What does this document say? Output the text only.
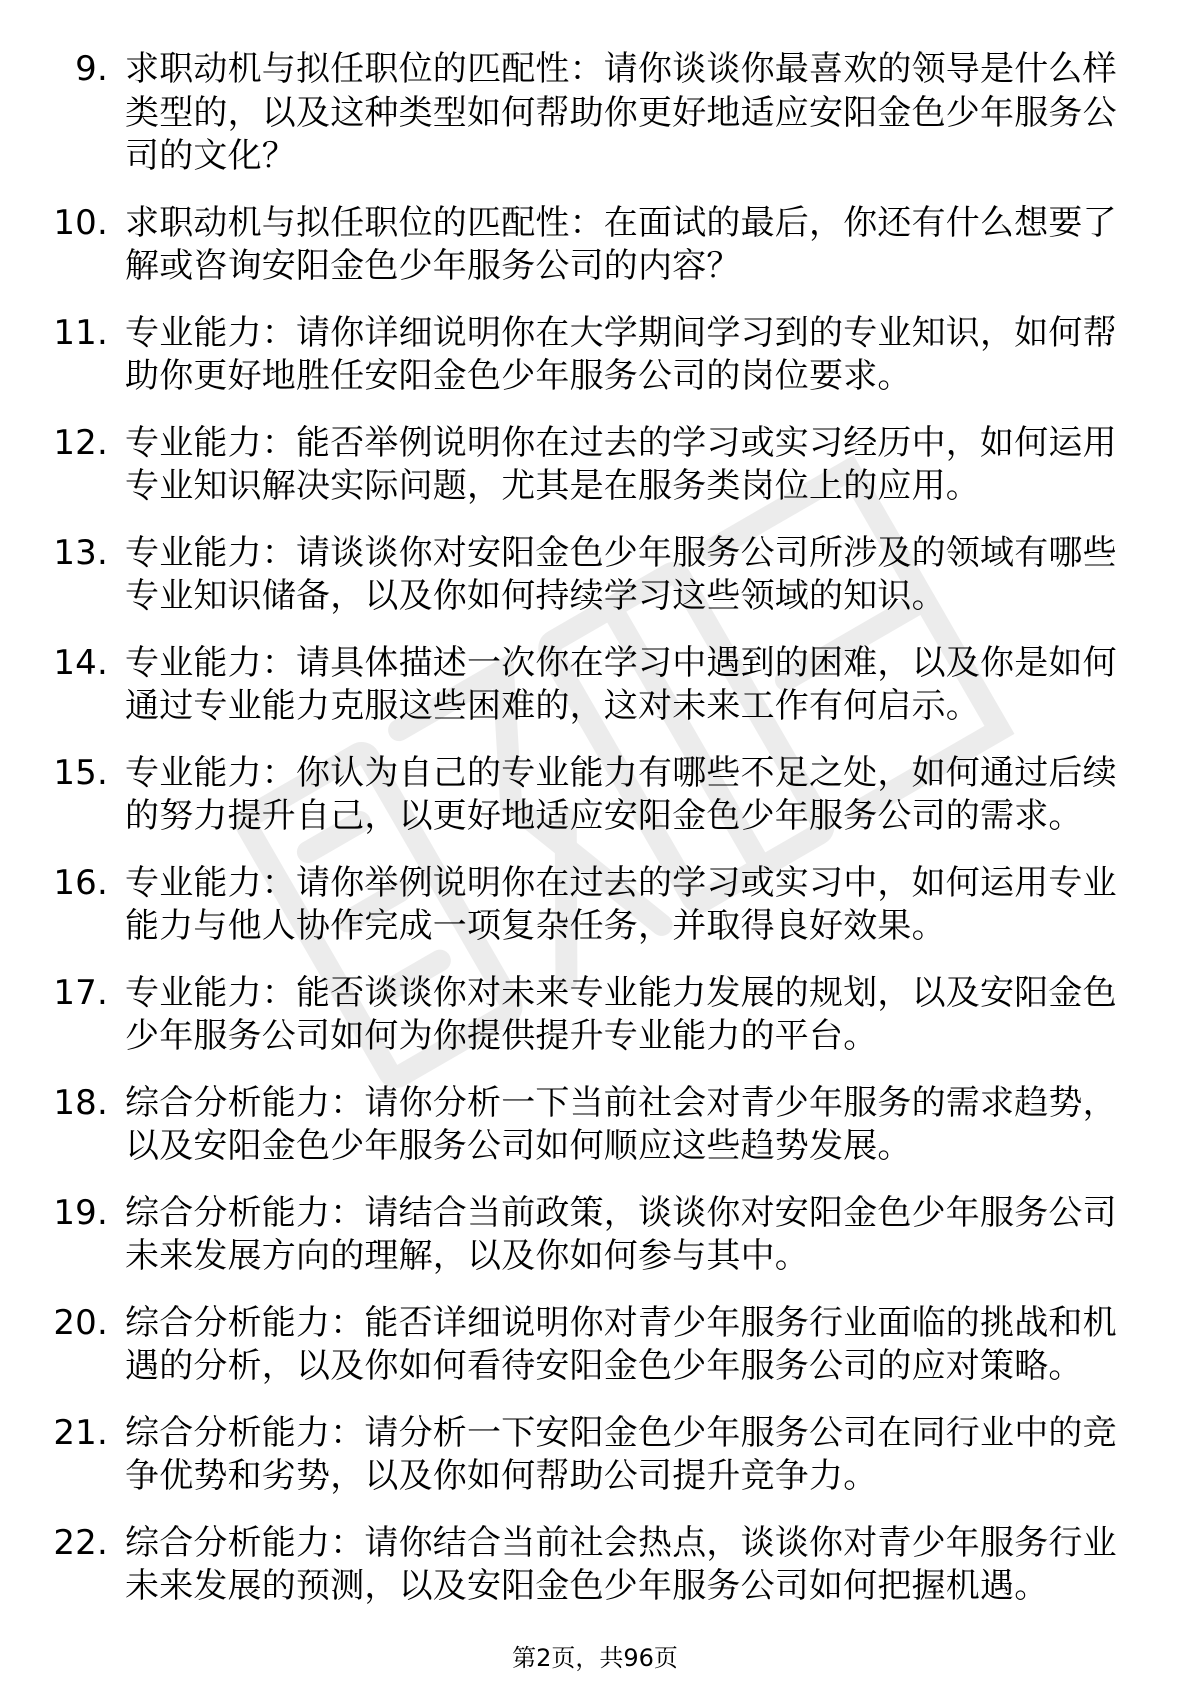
9. 求职动机与拟任职位的匹配性：请你谈谈你最喜欢的领导是什么样类型的，以及这种类型如何帮助你更好地适应安阳金色少年服务公司的文化？
10. 求职动机与拟任职位的匹配性：在面试的最后，你还有什么想要了解或咨询安阳金色少年服务公司的内容？
11. 专业能力：请你详细说明你在大学期间学习到的专业知识，如何帮助你更好地胜任安阳金色少年服务公司的岗位要求。
12. 专业能力：能否举例说明你在过去的学习或实习经历中，如何运用专业知识解决实际问题，尤其是在服务类岗位上的应用。
13. 专业能力：请谈谈你对安阳金色少年服务公司所涉及的领域有哪些专业知识储备，以及你如何持续学习这些领域的知识。
14. 专业能力：请具体描述一次你在学习中遇到的困难，以及你是如何通过专业能力克服这些困难的，这对未来工作有何启示。
15. 专业能力：你认为自己的专业能力有哪些不足之处，如何通过后续的努力提升自己，以更好地适应安阳金色少年服务公司的需求。
16. 专业能力：请你举例说明你在过去的学习或实习中，如何运用专业能力与他人协作完成一项复杂任务，并取得良好效果。
17. 专业能力：能否谈谈你对未来专业能力发展的规划，以及安阳金色少年服务公司如何为你提供提升专业能力的平台。
18. 综合分析能力：请你分析一下当前社会对青少年服务的需求趋势，以及安阳金色少年服务公司如何顺应这些趋势发展。
19. 综合分析能力：请结合当前政策，谈谈你对安阳金色少年服务公司未来发展方向的理解，以及你如何参与其中。
20. 综合分析能力：能否详细说明你对青少年服务行业面临的挑战和机遇的分析，以及你如何看待安阳金色少年服务公司的应对策略。
21. 综合分析能力：请分析一下安阳金色少年服务公司在同行业中的竞争优势和劣势，以及你如何帮助公司提升竞争力。
22. 综合分析能力：请你结合当前社会热点，谈谈你对青少年服务行业未来发展的预测，以及安阳金色少年服务公司如何把握机遇。
第2页，共96页
